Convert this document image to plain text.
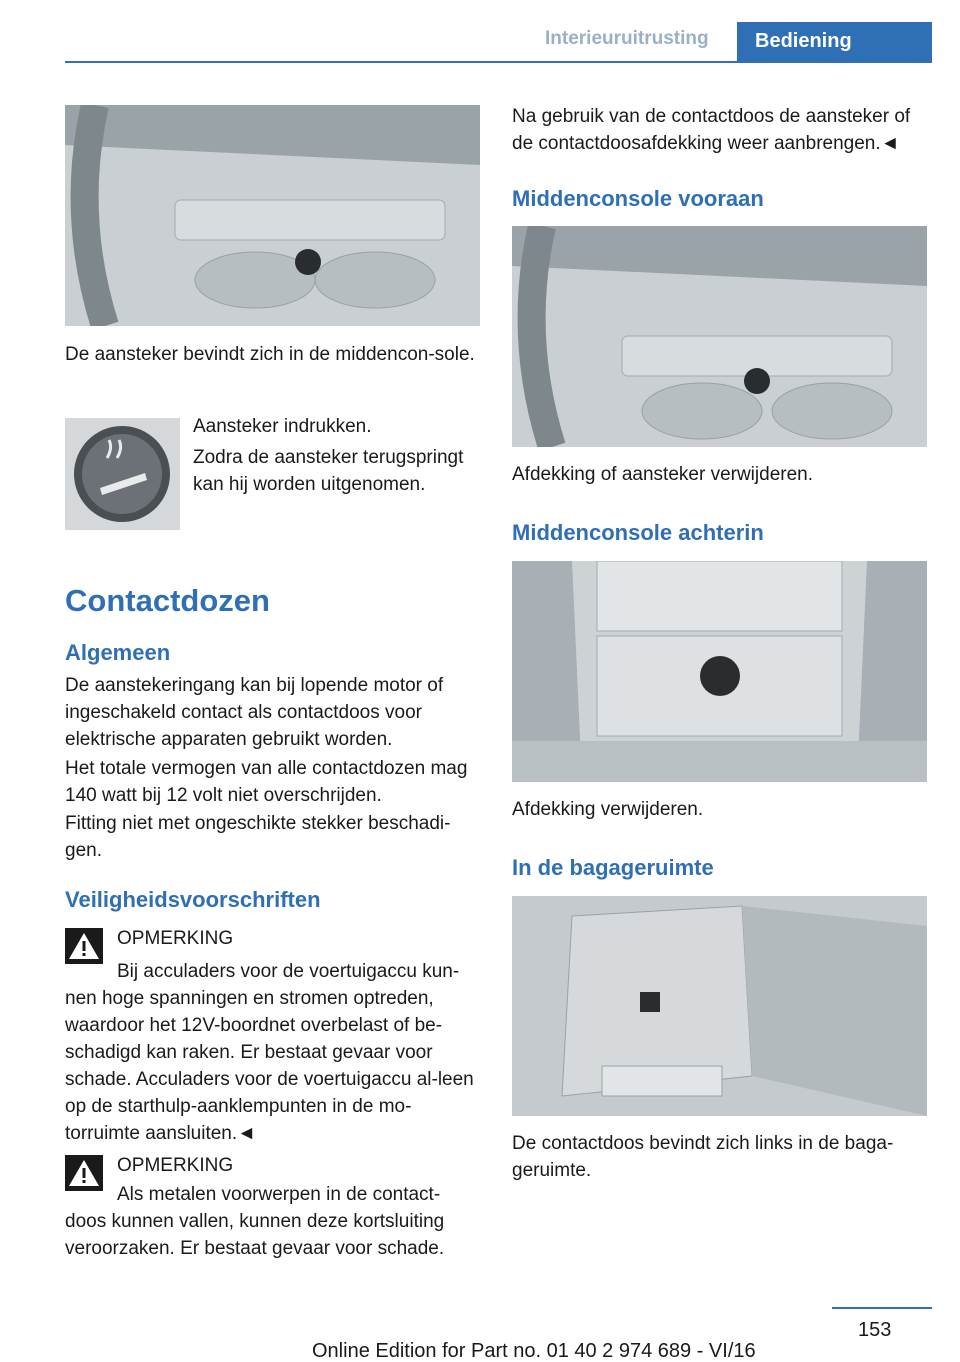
Interieuruitrusting	Bediening

De aansteker bevindt zich in de middencon-sole.

Aansteker indrukken.

Zodra de aansteker terugspringt kan hij worden uitgenomen.

Contactdozen
Algemeen

De aanstekeringang kan bij lopende motor of ingeschakeld contact als contactdoos voor elektrische apparaten gebruikt worden.

Het totale vermogen van alle contactdozen mag 140 watt bij 12 volt niet overschrijden.

Fitting niet met ongeschikte stekker beschadi-gen.

Veiligheidsvoorschriften

OPMERKING

Bij acculaders voor de voertuigaccu kun-nen hoge spanningen en stromen optreden, waardoor het 12V-boordnet overbelast of be-schadigd kan raken. Er bestaat gevaar voor schade. Acculaders voor de voertuigaccu al-leen op de starthulp-aanklempunten in de mo-torruimte aansluiten.◄

OPMERKING

Als metalen voorwerpen in de contact-doos kunnen vallen, kunnen deze kortsluiting veroorzaken. Er bestaat gevaar voor schade.

Na gebruik van de contactdoos de aansteker of de contactdoosafdekking weer aanbrengen.◄

Middenconsole vooraan

Afdekking of aansteker verwijderen.

Middenconsole achterin

Afdekking verwijderen.

In de bagageruimte

De contactdoos bevindt zich links in de baga-geruimte.

153
Online Edition for Part no. 01 40 2 974 689 - VI/16
